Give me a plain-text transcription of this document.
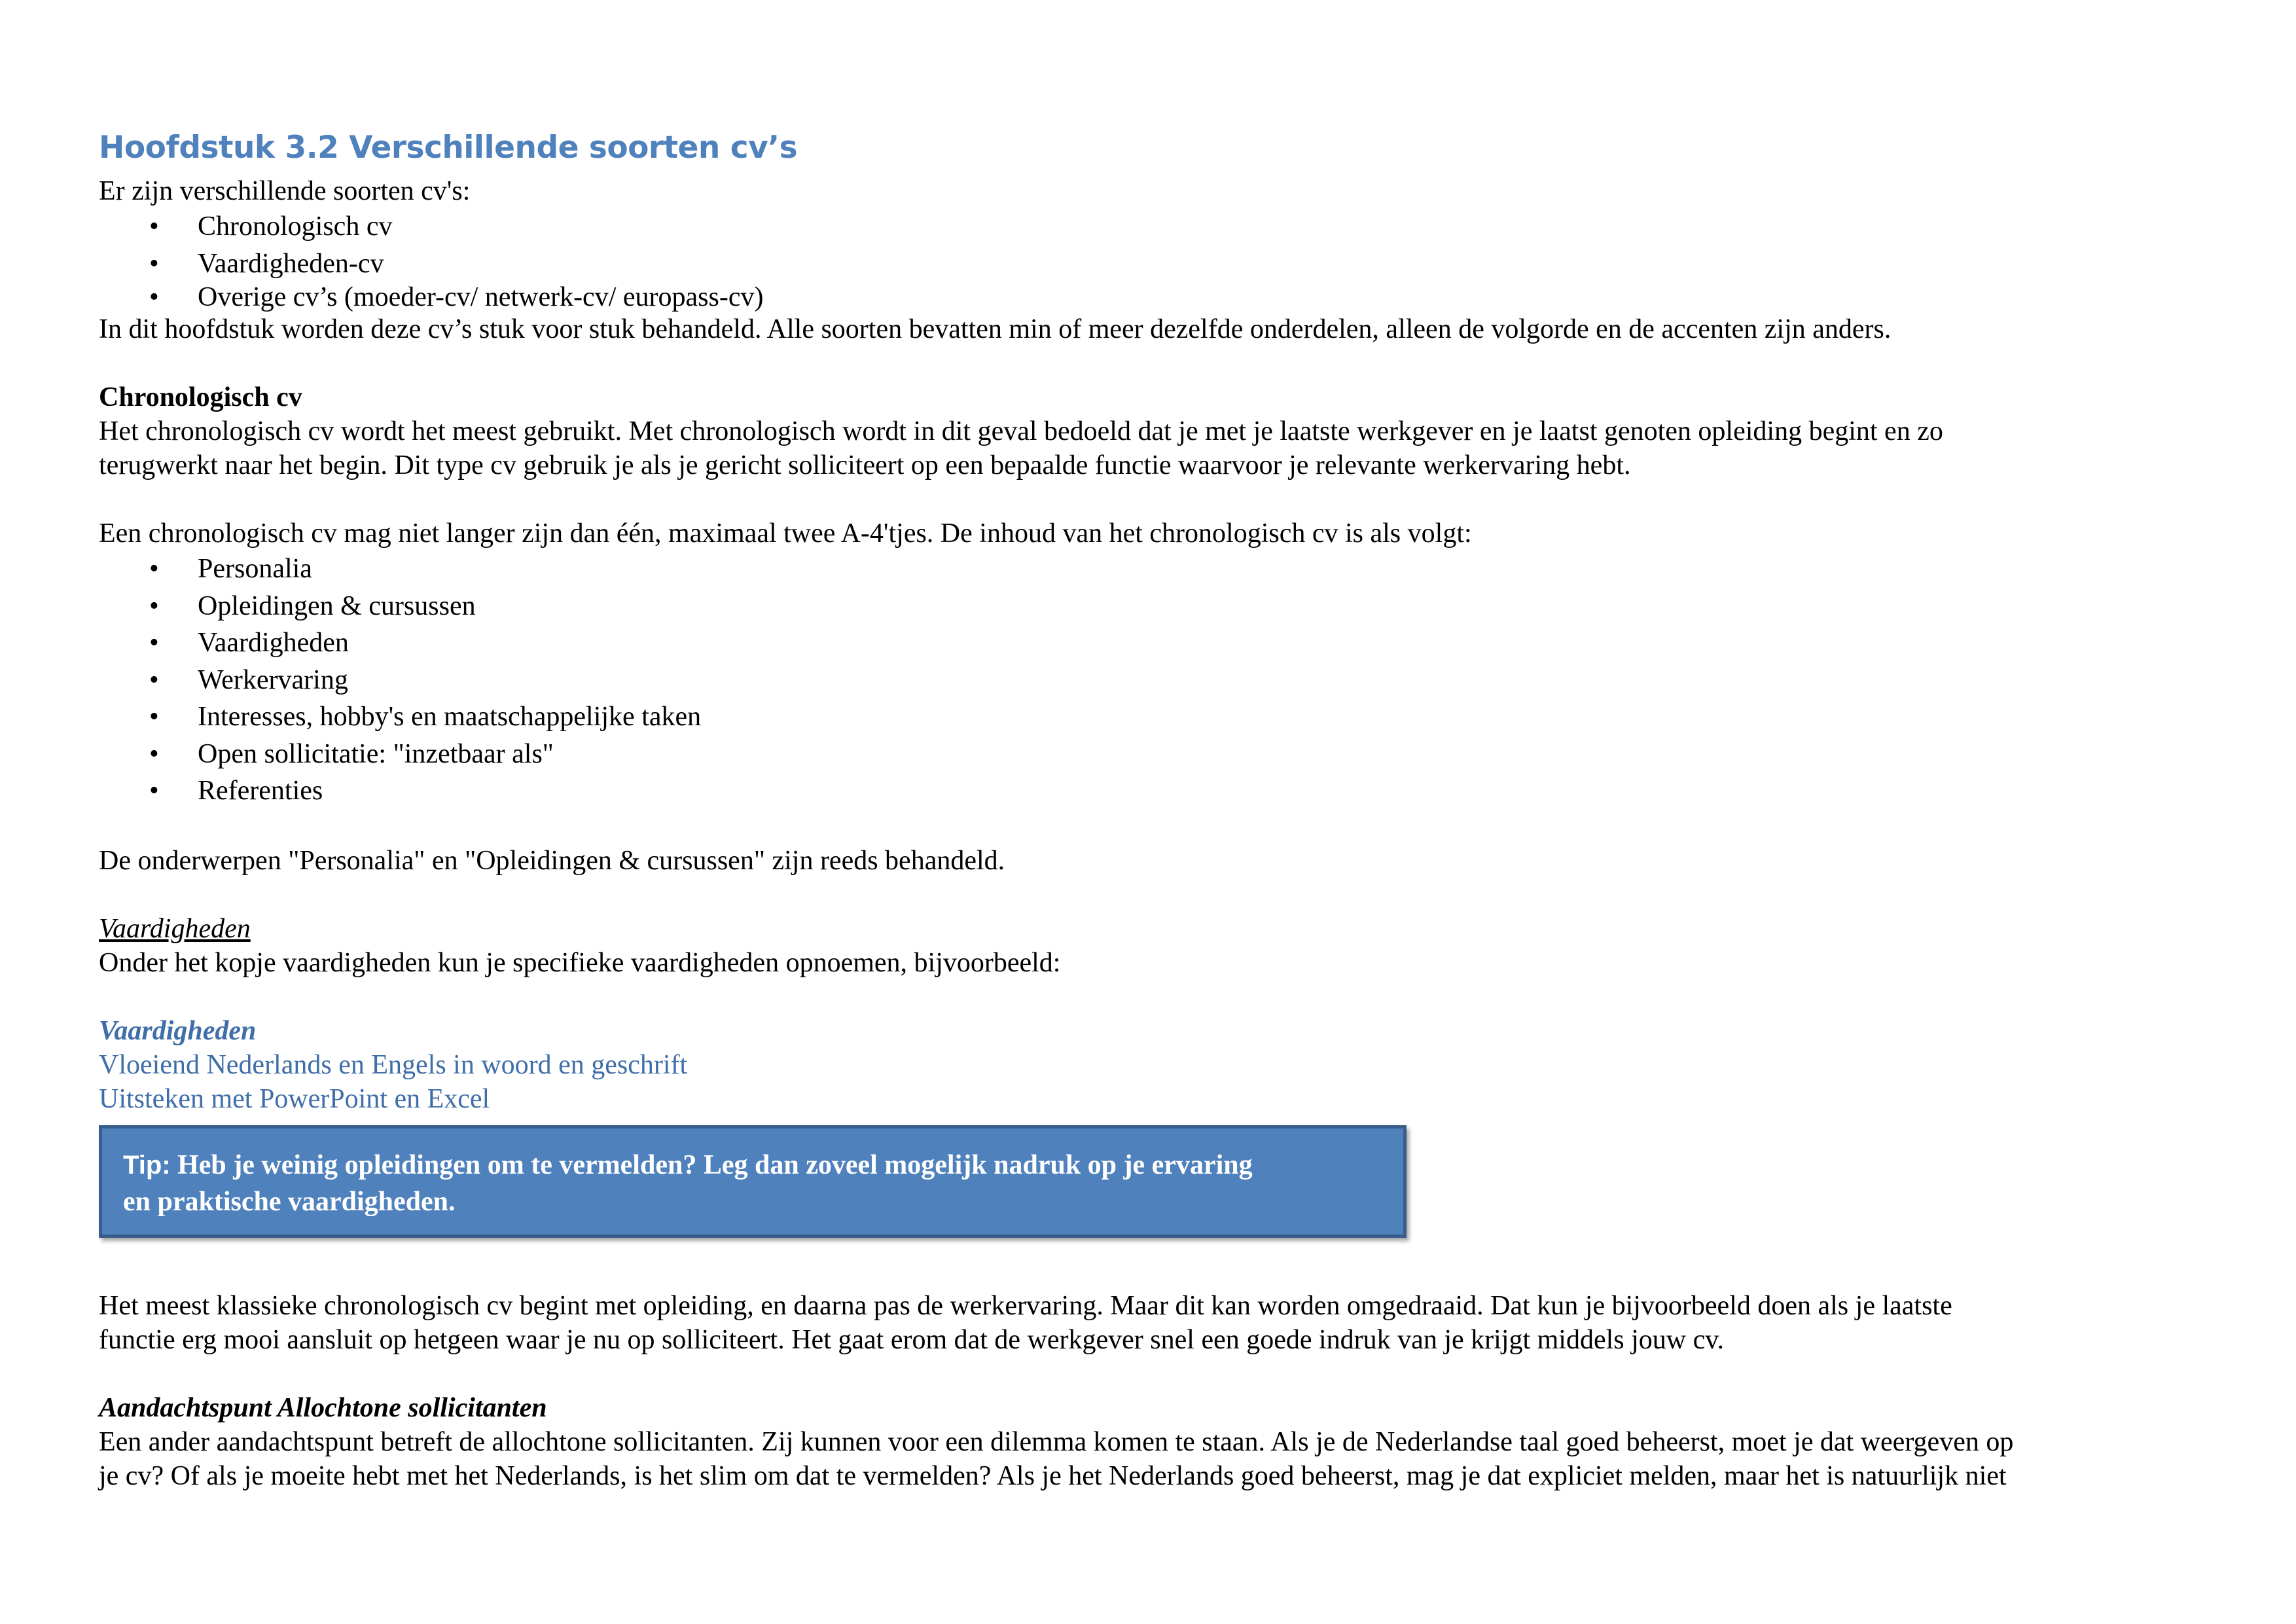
Hoofdstuk 3.2 Verschillende soorten cv’s
Er zijn verschillende soorten cv's:
• Chronologisch cv
• Vaardigheden-cv
• Overige cv’s (moeder-cv/ netwerk-cv/ europass-cv)
In dit hoofdstuk worden deze cv’s stuk voor stuk behandeld. Alle soorten bevatten min of meer dezelfde onderdelen, alleen de volgorde en de accenten zijn anders.
Chronologisch cv
Het chronologisch cv wordt het meest gebruikt. Met chronologisch wordt in dit geval bedoeld dat je met je laatste werkgever en je laatst genoten opleiding begint en zo
terugwerkt naar het begin. Dit type cv gebruik je als je gericht solliciteert op een bepaalde functie waarvoor je relevante werkervaring hebt.
Een chronologisch cv mag niet langer zijn dan één, maximaal twee A-4'tjes. De inhoud van het chronologisch cv is als volgt:
• Personalia
• Opleidingen & cursussen
• Vaardigheden
• Werkervaring
• Interesses, hobby's en maatschappelijke taken
• Open sollicitatie: "inzetbaar als"
• Referenties
De onderwerpen "Personalia" en "Opleidingen & cursussen" zijn reeds behandeld.
Vaardigheden
Onder het kopje vaardigheden kun je specifieke vaardigheden opnoemen, bijvoorbeeld:
Vaardigheden
Vloeiend Nederlands en Engels in woord en geschrift
Uitsteken met PowerPoint en Excel
Tip: Heb je weinig opleidingen om te vermelden? Leg dan zoveel mogelijk nadruk op je ervaring
en praktische vaardigheden.
Het meest klassieke chronologisch cv begint met opleiding, en daarna pas de werkervaring. Maar dit kan worden omgedraaid. Dat kun je bijvoorbeeld doen als je laatste
functie erg mooi aansluit op hetgeen waar je nu op solliciteert. Het gaat erom dat de werkgever snel een goede indruk van je krijgt middels jouw cv.
Aandachtspunt Allochtone sollicitanten
Een ander aandachtspunt betreft de allochtone sollicitanten. Zij kunnen voor een dilemma komen te staan. Als je de Nederlandse taal goed beheerst, moet je dat weergeven op
je cv? Of als je moeite hebt met het Nederlands, is het slim om dat te vermelden? Als je het Nederlands goed beheerst, mag je dat expliciet melden, maar het is natuurlijk niet
